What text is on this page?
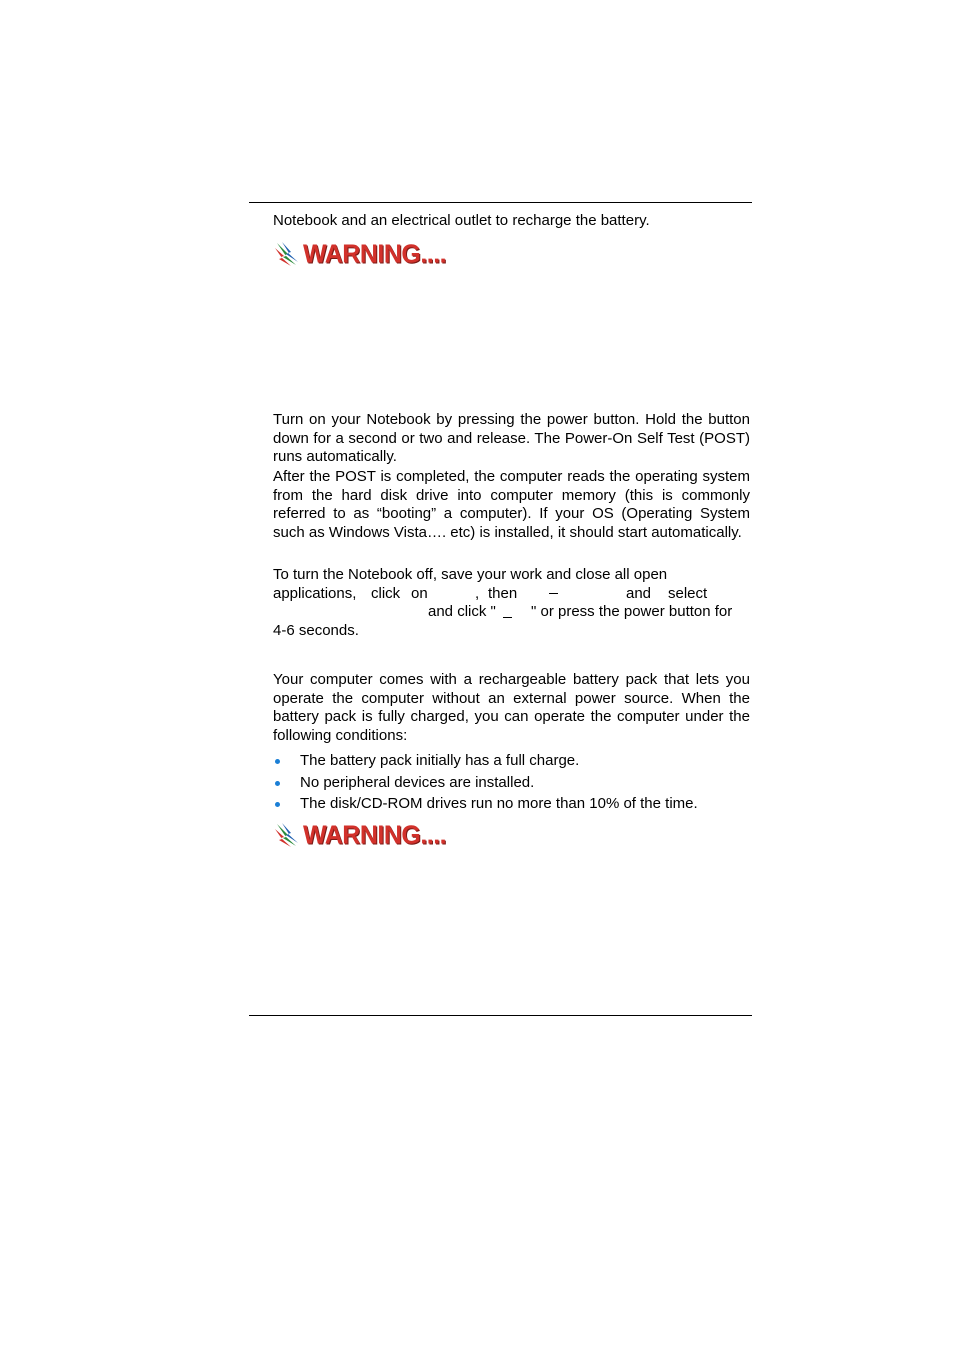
Notebook and an electrical outlet to recharge the battery.
WARNING....
Turn on your Notebook by pressing the power button. Hold the button down for a second or two and release. The Power-On Self Test (POST) runs automatically.
After the POST is completed, the computer reads the operating system from the hard disk drive into computer memory (this is commonly referred to as “booting” a computer). If your OS (Operating System such as Windows Vista…. etc) is installed, it should start automatically.
To turn the Notebook off, save your work and close all open
applications, click on	, then	and select
and click " " or press the power button for
4-6 seconds.
Your computer comes with a rechargeable battery pack that lets you operate the computer without an external power source. When the battery pack is fully charged, you can operate the computer under the following conditions:
The battery pack initially has a full charge.
No peripheral devices are installed.
The disk/CD-ROM drives run no more than 10% of the time.
WARNING....
